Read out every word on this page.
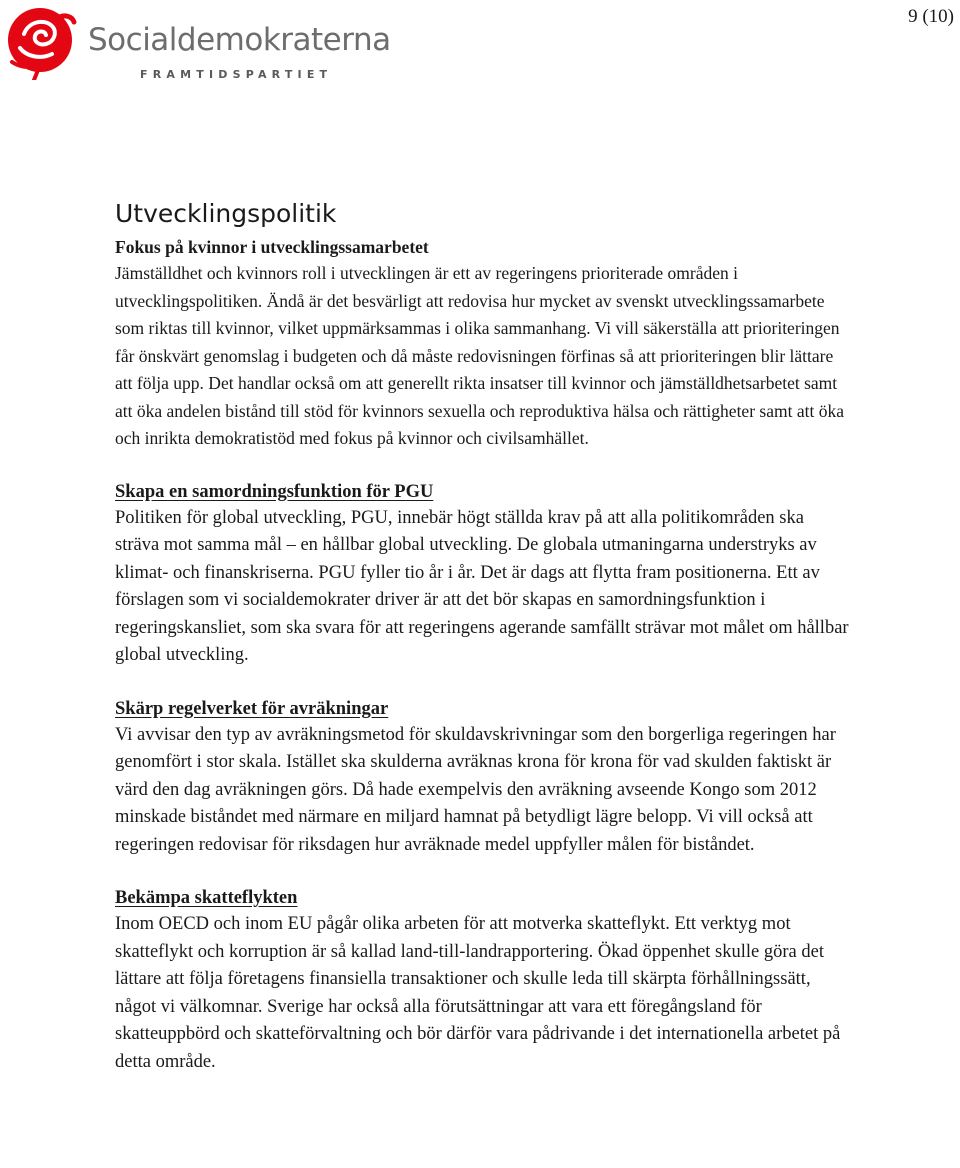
9 (10)
Socialdemokraterna
FRAMTIDSPARTIET
Utvecklingspolitik
Fokus på kvinnor i utvecklingssamarbetet

Jämställdhet och kvinnors roll i utvecklingen är ett av regeringens prioriterade områden i utvecklingspolitiken. Ändå är det besvärligt att redovisa hur mycket av svenskt utvecklingssamarbete som riktas till kvinnor, vilket uppmärksammas i olika sammanhang. Vi vill säkerställa att prioriteringen får önskvärt genomslag i budgeten och då måste redovisningen förfinas så att prioriteringen blir lättare att följa upp. Det handlar också om att generellt rikta insatser till kvinnor och jämställdhetsarbetet samt att öka andelen bistånd till stöd för kvinnors sexuella och reproduktiva hälsa och rättigheter samt att öka och inrikta demokratistöd med fokus på kvinnor och civilsamhället.

Skapa en samordningsfunktion för PGU

Politiken för global utveckling, PGU, innebär högt ställda krav på att alla politikområden ska sträva mot samma mål – en hållbar global utveckling. De globala utmaningarna understryks av klimat- och finanskriserna. PGU fyller tio år i år. Det är dags att flytta fram positionerna. Ett av förslagen som vi socialdemokrater driver är att det bör skapas en samordningsfunktion i regeringskansliet, som ska svara för att regeringens agerande samfällt strävar mot målet om hållbar global utveckling.

Skärp regelverket för avräkningar

Vi avvisar den typ av avräkningsmetod för skuldavskrivningar som den borgerliga regeringen har genomfört i stor skala. Istället ska skulderna avräknas krona för krona för vad skulden faktiskt är värd den dag avräkningen görs. Då hade exempelvis den avräkning avseende Kongo som 2012 minskade biståndet med närmare en miljard hamnat på betydligt lägre belopp. Vi vill också att regeringen redovisar för riksdagen hur avräknade medel uppfyller målen för biståndet.

Bekämpa skatteflykten

Inom OECD och inom EU pågår olika arbeten för att motverka skatteflykt. Ett verktyg mot skatteflykt och korruption är så kallad land-till-landrapportering. Ökad öppenhet skulle göra det lättare att följa företagens finansiella transaktioner och skulle leda till skärpta förhållningssätt, något vi välkomnar. Sverige har också alla förutsättningar att vara ett föregångsland för skatteuppbörd och skatteförvaltning och bör därför vara pådrivande i det internationella arbetet på detta område.
